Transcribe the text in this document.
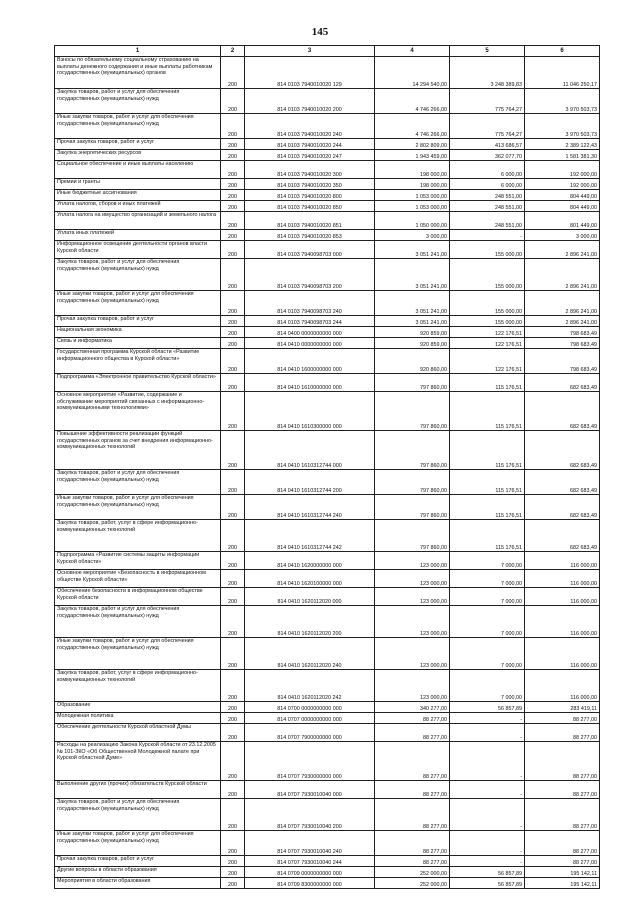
145
1	2	3	4	5	6
Взносы по обязательному социальному страхованию на выплаты денежного содержания и иные выплаты работникам государственных (муниципальных) органов	200	814 0103 7940010020 129	14 294 540,00	3 248 389,83	11 046 250,17
Закупка товаров, работ и услуг для обеспечения государственных (муниципальных) нужд	200	814 0103 7940010020 200	4 746 266,00	775 764,27	3 970 503,73
Иные закупки товаров, работ и услуг для обеспечения государственных (муниципальных) нужд	200	814 0103 7940010020 240	4 746 266,00	775 764,27	3 970 503,73
Прочая закупка товаров, работ и услуг	200	814 0103 7940010020 244	2 802 809,00	413 686,57	2 389 122,43
Закупка энергетических ресурсов	200	814 0103 7940010020 247	1 943 459,00	362 077,70	1 581 381,30
Социальное обеспечение и иные выплаты населению	200	814 0103 7940010020 300	198 000,00	6 000,00	192 000,00
Премии и гранты	200	814 0103 7940010020 350	198 000,00	6 000,00	192 000,00
Иные бюджетные ассигнования	200	814 0103 7940010020 800	1 053 000,00	248 551,00	804 449,00
Уплата налогов, сборов и иных платежей	200	814 0103 7940010020 850	1 053 000,00	248 551,00	804 449,00
Уплата налога на имущество организаций и земельного налога	200	814 0103 7940010020 851	1 050 000,00	248 551,00	801 449,00
Уплата иных платежей	200	814 0103 7940010020 853	3 000,00	-	3 000,00
Информационное освещение деятельности органов власти Курской области	200	814 0103 7940098703 000	3 051 241,00	155 000,00	2 896 241,00
Закупка товаров, работ и услуг для обеспечения государственных (муниципальных) нужд	200	814 0103 7940098703 200	3 051 241,00	155 000,00	2 896 241,00
Иные закупки товаров, работ и услуг для обеспечения государственных (муниципальных) нужд	200	814 0103 7940098703 240	3 051 241,00	155 000,00	2 896 241,00
Прочая закупка товаров, работ и услуг	200	814 0103 7940098703 244	3 051 241,00	155 000,00	2 896 241,00
Национальная экономика	200	814 0400 0000000000 000	920 859,00	122 176,51	798 683,49
Связь и информатика	200	814 0410 0000000000 000	920 859,00	122 176,51	798 683,49
Государственная программа Курской области «Развитие информационного общества в Курской области»	200	814 0410 1600000000 000	920 860,00	122 176,51	798 683,49
Подпрограмма «Электронное правительство Курской области»	200	814 0410 1610000000 000	797 860,00	115 176,51	682 683,49
Основное мероприятие «Развитие, содержание и обслуживание мероприятий связанных с информационно-коммуникационными технологиями»	200	814 0410 1610300000 000	797 860,00	115 176,51	682 683,49
Повышение эффективности реализации функций государственных органов за счет внедрения информационно-коммуникационных технологий	200	814 0410 1610312744 000	797 860,00	115 176,51	682 683,49
Закупка товаров, работ и услуг для обеспечения государственных (муниципальных) нужд	200	814 0410 1610312744 200	797 860,00	115 176,51	682 683,49
Иные закупки товаров, работ и услуг для обеспечения государственных (муниципальных) нужд	200	814 0410 1610312744 240	797 860,00	115 176,51	682 683,49
Закупка товаров, работ, услуг в сфере информационно-коммуникационных технологий	200	814 0410 1610312744 242	797 860,00	115 176,51	682 683,49
Подпрограмма «Развитие системы защиты информации Курской области»	200	814 0410 1620000000 000	123 000,00	7 000,00	116 000,00
Основное мероприятие «Безопасность в информационном обществе Курской области»	200	814 0410 1620100000 000	123 000,00	7 000,00	116 000,00
Обеспечение безопасности в информационном обществе Курской области	200	814 0410 1620112020 000	123 000,00	7 000,00	116 000,00
Закупка товаров, работ и услуг для обеспечения государственных (муниципальных) нужд	200	814 0410 1620112020 200	123 000,00	7 000,00	116 000,00
Иные закупки товаров, работ и услуг для обеспечения государственных (муниципальных) нужд	200	814 0410 1620112020 240	123 000,00	7 000,00	116 000,00
Закупка товаров, работ, услуг в сфере информационно-коммуникационных технологий	200	814 0410 1620112020 242	123 000,00	7 000,00	116 000,00
Образование	200	814 0700 0000000000 000	340 277,00	56 857,89	283 419,11
Молодежная политика	200	814 0707 0000000000 000	88 277,00	-	88 277,00
Обеспечение деятельности Курской областной Думы	200	814 0707 7900000000 000	88 277,00	-	88 277,00
Расходы на реализацию Закона Курской области от 23.12.2005 № 101-ЗКО «Об Общественной Молодежной палате при Курской областной Думе»	200	814 0707 7930000000 000	88 277,00	-	88 277,00
Выполнение других (прочих) обязательств Курской области	200	814 0707 7930010040 000	88 277,00	-	88 277,00
Закупка товаров, работ и услуг для обеспечения государственных (муниципальных) нужд	200	814 0707 7930010040 200	88 277,00	-	88 277,00
Иные закупки товаров, работ и услуг для обеспечения государственных (муниципальных) нужд	200	814 0707 7930010040 240	88 277,00	-	88 277,00
Прочая закупка товаров, работ и услуг	200	814 0707 7930010040 244	88 277,00	-	88 277,00
Другие вопросы в области образования	200	814 0709 0000000000 000	252 000,00	56 857,89	195 142,11
Мероприятия в области образования	200	814 0709 8300000000 000	252 000,00	56 857,89	195 142,11
